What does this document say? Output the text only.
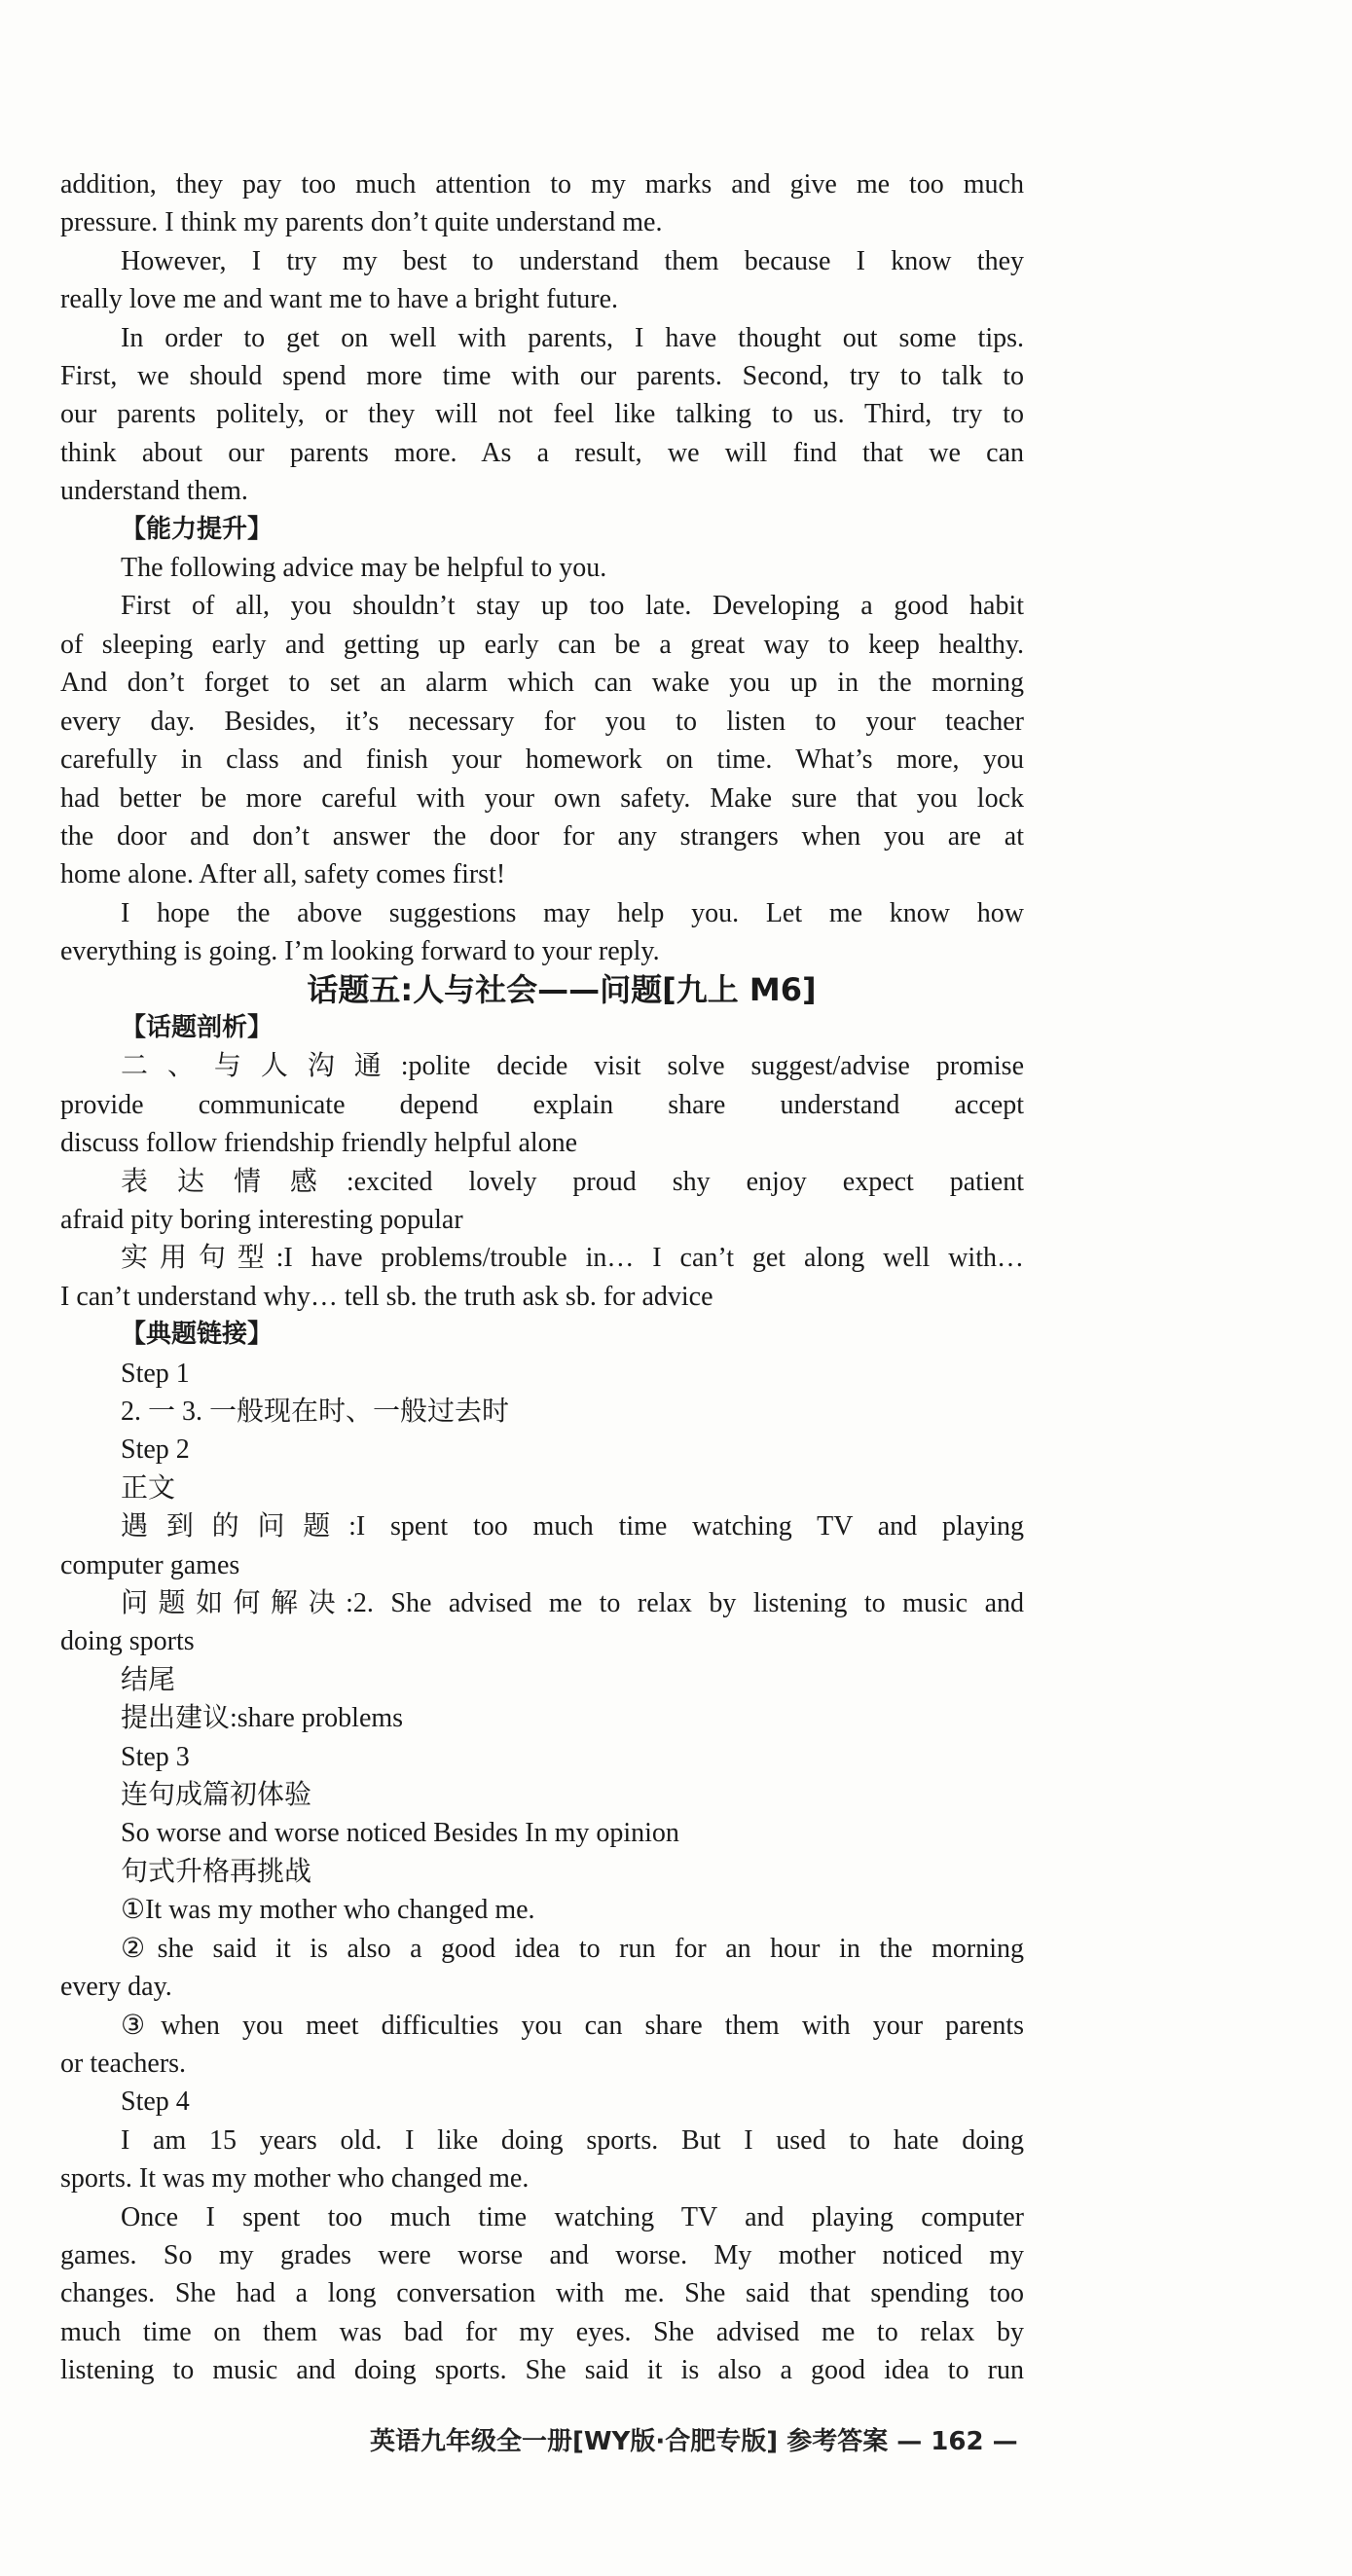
addition, they pay too much attention to my marks and give me too much
pressure. I think my parents don’t quite understand me.
However, I try my best to understand them because I know they
really love me and want me to have a bright future.
In order to get on well with parents, I have thought out some tips.
First, we should spend more time with our parents. Second, try to talk to
our parents politely, or they will not feel like talking to us. Third, try to
think about our parents more. As a result, we will find that we can
understand them.
【能力提升】
The following advice may be helpful to you.
First of all, you shouldn’t stay up too late. Developing a good habit
of sleeping early and getting up early can be a great way to keep healthy.
And don’t forget to set an alarm which can wake you up in the morning
every day. Besides, it’s necessary for you to listen to your teacher
carefully in class and finish your homework on time. What’s more, you
had better be more careful with your own safety. Make sure that you lock
the door and don’t answer the door for any strangers when you are at
home alone. After all, safety comes first!
I hope the above suggestions may help you. Let me know how
everything is going. I’m looking forward to your reply.
话题五:人与社会——问题[九上 M6]
【话题剖析】
二、与人沟通:polite decide visit solve suggest/advise promise
provide communicate depend explain share understand accept
discuss follow friendship friendly helpful alone
表达情感:excited lovely proud shy enjoy expect patient
afraid pity boring interesting popular
实用句型:I have problems/trouble in… I can’t get along well with…
I can’t understand why… tell sb. the truth ask sb. for advice
【典题链接】
Step 1
2. 一 3. 一般现在时、一般过去时
Step 2
正文
遇到的问题:I spent too much time watching TV and playing
computer games
问题如何解决:2. She advised me to relax by listening to music and
doing sports
结尾
提出建议:share problems
Step 3
连句成篇初体验
So worse and worse noticed Besides In my opinion
句式升格再挑战
①It was my mother who changed me.
②she said it is also a good idea to run for an hour in the morning
every day.
③when you meet difficulties you can share them with your parents
or teachers.
Step 4
I am 15 years old. I like doing sports. But I used to hate doing
sports. It was my mother who changed me.
Once I spent too much time watching TV and playing computer
games. So my grades were worse and worse. My mother noticed my
changes. She had a long conversation with me. She said that spending too
much time on them was bad for my eyes. She advised me to relax by
listening to music and doing sports. She said it is also a good idea to run
英语九年级全一册[WY版·合肥专版] 参考答案 — 162 —
